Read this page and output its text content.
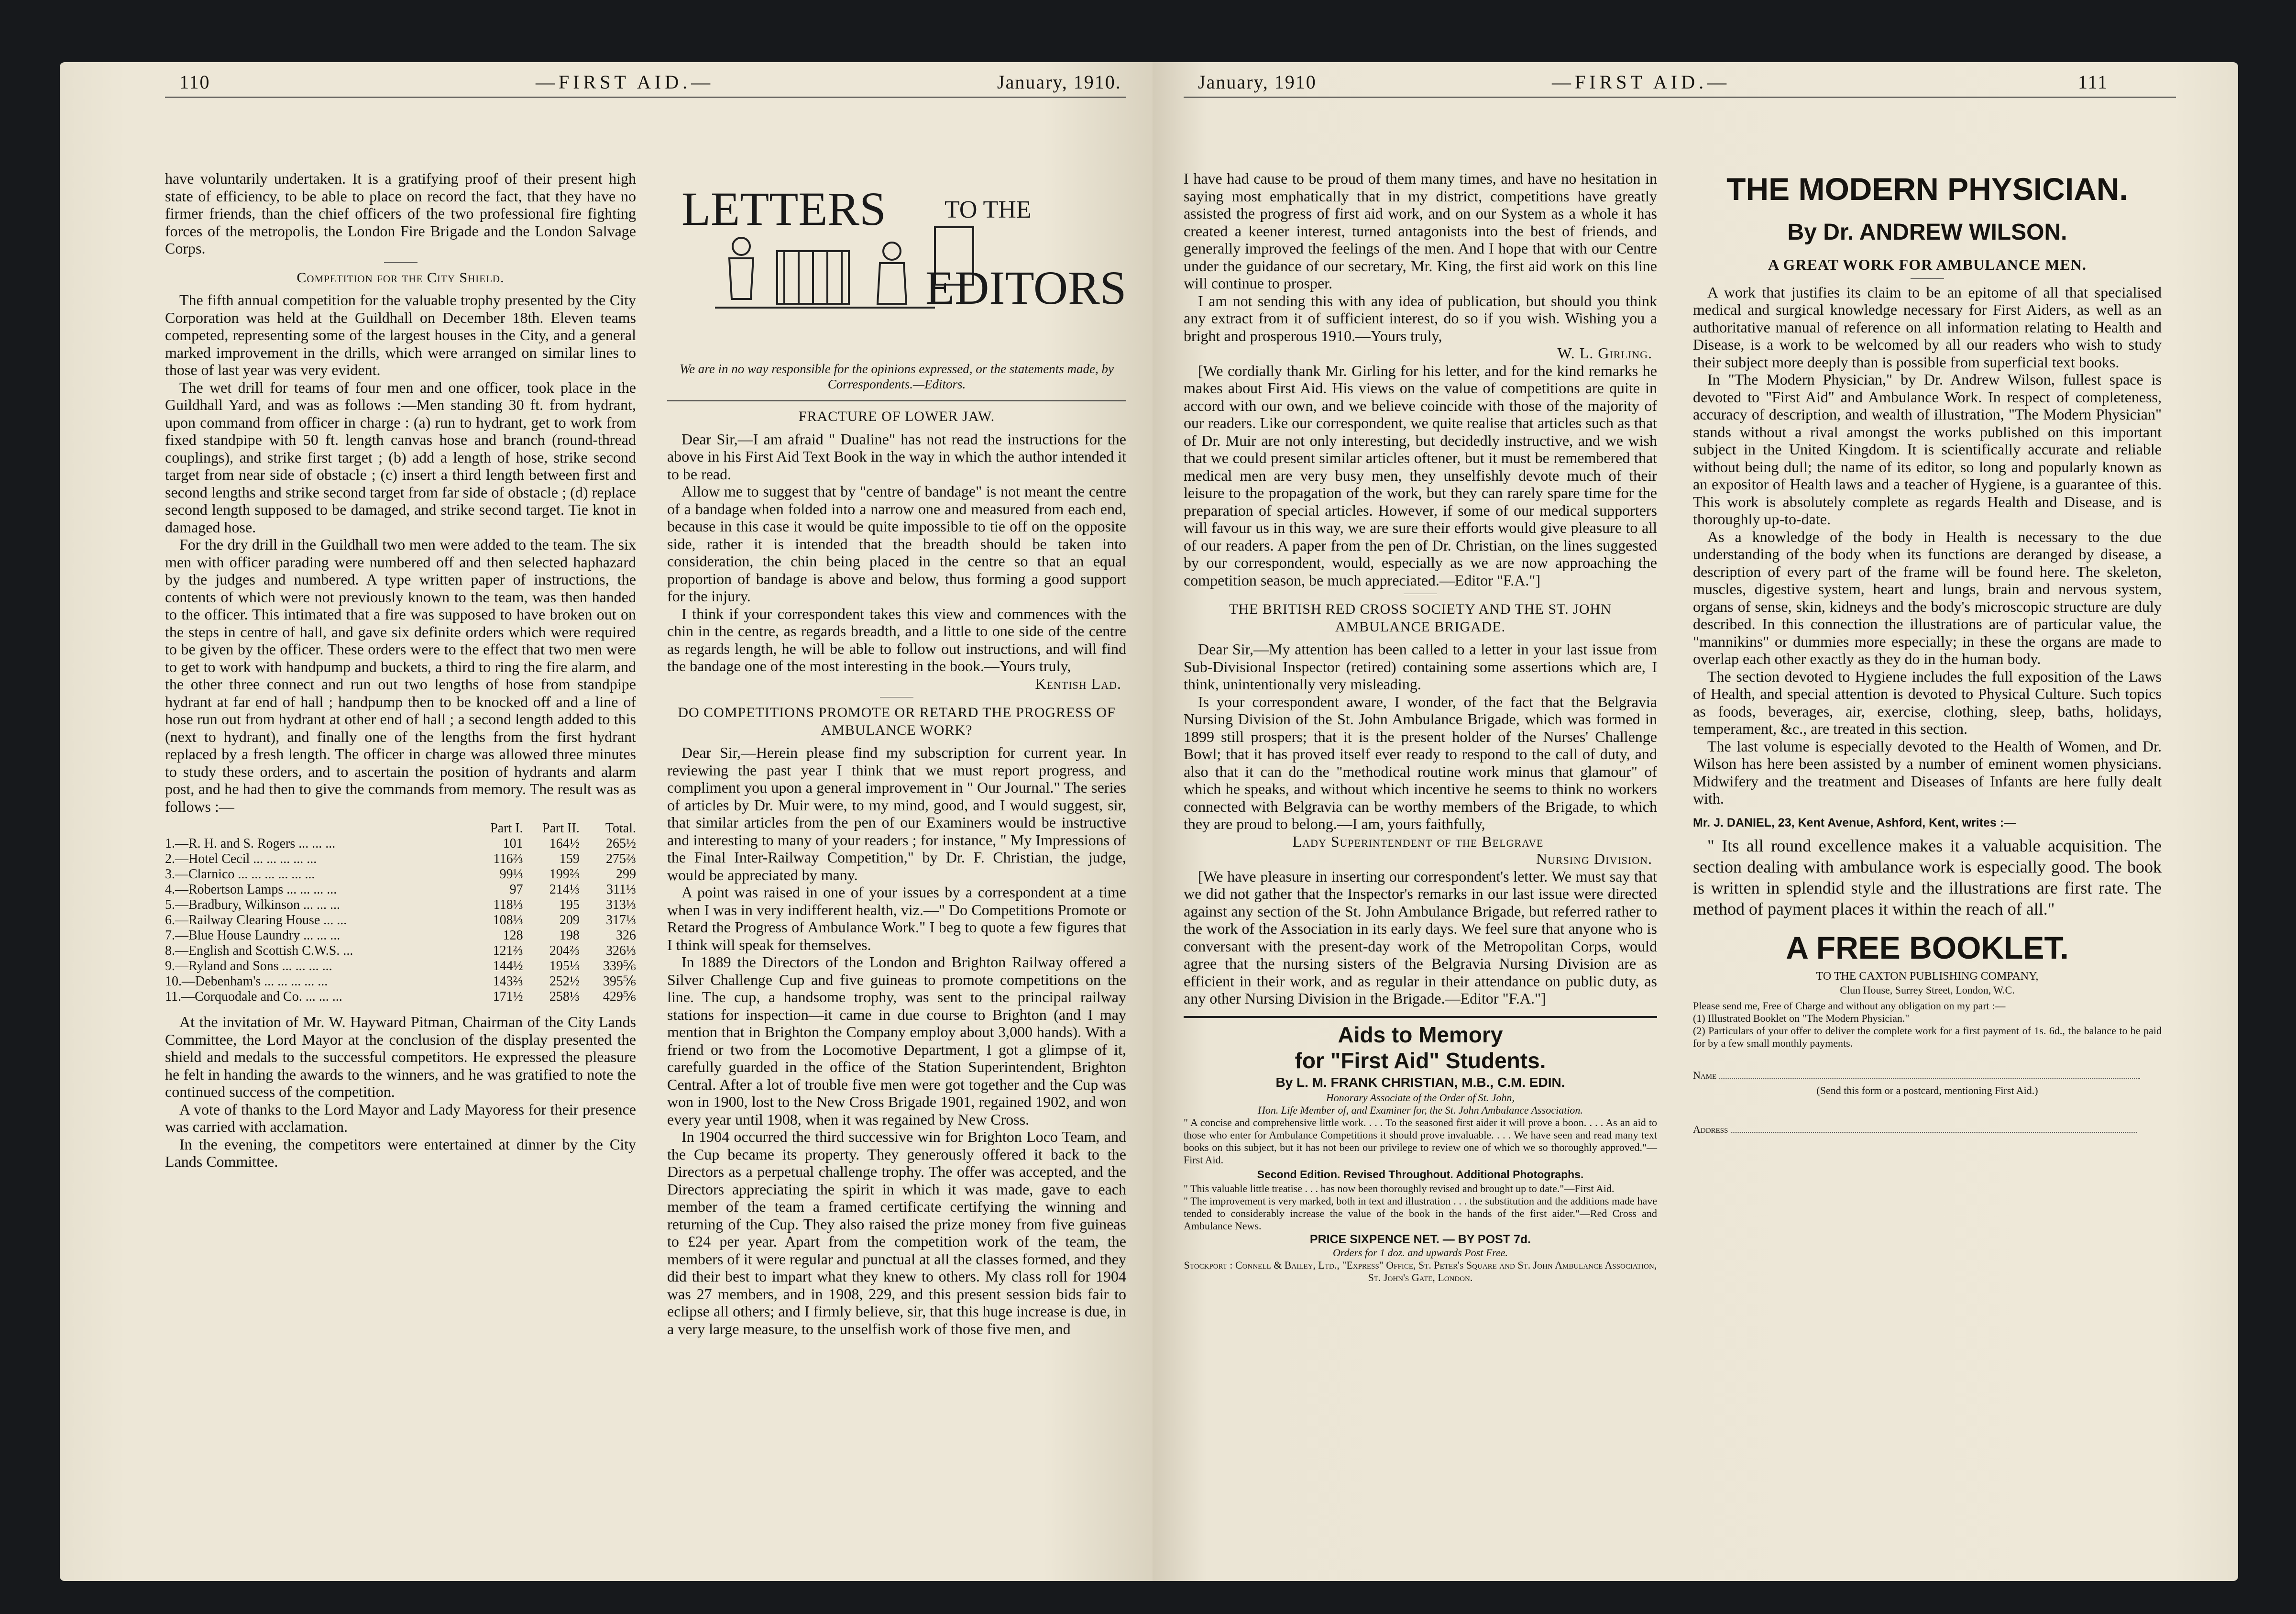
110	—FIRST AID.—	January, 1910.

have voluntarily undertaken. It is a gratifying proof of their present high state of efficiency, to be able to place on record the fact, that they have no firmer friends, than the chief officers of the two professional fire fighting forces of the metropolis, the London Fire Brigade and the London Salvage Corps.

Competition for the City Shield.

The fifth annual competition for the valuable trophy presented by the City Corporation was held at the Guildhall on December 18th. Eleven teams competed, representing some of the largest houses in the City, and a general marked improvement in the drills, which were arranged on similar lines to those of last year was very evident.

The wet drill for teams of four men and one officer, took place in the Guildhall Yard, and was as follows :—Men standing 30 ft. from hydrant, upon command from officer in charge : (a) run to hydrant, get to work from fixed standpipe with 50 ft. length canvas hose and branch (round-thread couplings), and strike first target ; (b) add a length of hose, strike second target from near side of obstacle ; (c) insert a third length between first and second lengths and strike second target from far side of obstacle ; (d) replace second length supposed to be damaged, and strike second target. Tie knot in damaged hose.

For the dry drill in the Guildhall two men were added to the team. The six men with officer parading were numbered off and then selected haphazard by the judges and numbered. A type written paper of instructions, the contents of which were not previously known to the team, was then handed to the officer. This intimated that a fire was supposed to have broken out on the steps in centre of hall, and gave six definite orders which were required to be given by the officer. These orders were to the effect that two men were to get to work with handpump and buckets, a third to ring the fire alarm, and the other three connect and run out two lengths of hose from standpipe hydrant at far end of hall ; handpump then to be knocked off and a line of hose run out from hydrant at other end of hall ; a second length added to this (next to hydrant), and finally one of the lengths from the first hydrant replaced by a fresh length. The officer in charge was allowed three minutes to study these orders, and to ascertain the position of hydrants and alarm post, and he had then to give the commands from memory. The result was as follows :—

	Part I.	Part II.	Total.
1.—R. H. and S. Rogers ... ... ...	101	164½	265½
2.—Hotel Cecil ... ... ... ... ...	116⅔	159	275⅔
3.—Clarnico ... ... ... ... ... ...	99⅓	199⅔	299
4.—Robertson Lamps ... ... ... ...	97	214⅓	311⅓
5.—Bradbury, Wilkinson ... ... ...	118⅓	195	313⅓
6.—Railway Clearing House ... ...	108⅓	209	317⅓
7.—Blue House Laundry ... ... ...	128	198	326
8.—English and Scottish C.W.S. ...	121⅔	204⅔	326⅓
9.—Ryland and Sons ... ... ... ...	144½	195⅓	339⅚
10.—Debenham's ... ... ... ... ...	143⅔	252½	395⅚
11.—Corquodale and Co. ... ... ...	171½	258⅓	429⅚

At the invitation of Mr. W. Hayward Pitman, Chairman of the City Lands Committee, the Lord Mayor at the conclusion of the display presented the shield and medals to the successful competitors. He expressed the pleasure he felt in handing the awards to the winners, and he was gratified to note the continued success of the competition.

A vote of thanks to the Lord Mayor and Lady Mayoress for their presence was carried with acclamation.

In the evening, the competitors were entertained at dinner by the City Lands Committee.

LETTERS TO THE
EDITORS

We are in no way responsible for the opinions expressed, or the statements made, by Correspondents.—Editors.

FRACTURE OF LOWER JAW.

Dear Sir,—I am afraid " Dualine" has not read the instructions for the above in his First Aid Text Book in the way in which the author intended it to be read.

Allow me to suggest that by "centre of bandage" is not meant the centre of a bandage when folded into a narrow one and measured from each end, because in this case it would be quite impossible to tie off on the opposite side, rather it is intended that the breadth should be taken into consideration, the chin being placed in the centre so that an equal proportion of bandage is above and below, thus forming a good support for the injury.

I think if your correspondent takes this view and commences with the chin in the centre, as regards breadth, and a little to one side of the centre as regards length, he will be able to follow out instructions, and will find the bandage one of the most interesting in the book.—Yours truly,

Kentish Lad.
DO COMPETITIONS PROMOTE OR RETARD THE PROGRESS OF AMBULANCE WORK?

Dear Sir,—Herein please find my subscription for current year. In reviewing the past year I think that we must report progress, and compliment you upon a general improvement in " Our Journal." The series of articles by Dr. Muir were, to my mind, good, and I would suggest, sir, that similar articles from the pen of our Examiners would be instructive and interesting to many of your readers ; for instance, " My Impressions of the Final Inter-Railway Competition," by Dr. F. Christian, the judge, would be appreciated by many.

A point was raised in one of your issues by a correspondent at a time when I was in very indifferent health, viz.—" Do Competitions Promote or Retard the Progress of Ambulance Work." I beg to quote a few figures that I think will speak for themselves.

In 1889 the Directors of the London and Brighton Railway offered a Silver Challenge Cup and five guineas to promote competitions on the line. The cup, a handsome trophy, was sent to the principal railway stations for inspection—it came in due course to Brighton (and I may mention that in Brighton the Company employ about 3,000 hands). With a friend or two from the Locomotive Department, I got a glimpse of it, carefully guarded in the office of the Station Superintendent, Brighton Central. After a lot of trouble five men were got together and the Cup was won in 1900, lost to the New Cross Brigade 1901, regained 1902, and won every year until 1908, when it was regained by New Cross.

In 1904 occurred the third successive win for Brighton Loco Team, and the Cup became its property. They generously offered it back to the Directors as a perpetual challenge trophy. The offer was accepted, and the Directors appreciating the spirit in which it was made, gave to each member of the team a framed certificate certifying the winning and returning of the Cup. They also raised the prize money from five guineas to £24 per year. Apart from the competition work of the team, the members of it were regular and punctual at all the classes formed, and they did their best to impart what they knew to others. My class roll for 1904 was 27 members, and in 1908, 229, and this present session bids fair to eclipse all others; and I firmly believe, sir, that this huge increase is due, in a very large measure, to the unselfish work of those five men, and

January, 1910	—FIRST AID.—	111

I have had cause to be proud of them many times, and have no hesitation in saying most emphatically that in my district, competitions have greatly assisted the progress of first aid work, and on our System as a whole it has created a keener interest, turned antagonists into the best of friends, and generally improved the feelings of the men. And I hope that with our Centre under the guidance of our secretary, Mr. King, the first aid work on this line will continue to prosper.

I am not sending this with any idea of publication, but should you think any extract from it of sufficient interest, do so if you wish. Wishing you a bright and prosperous 1910.—Yours truly,

W. L. Girling.

[We cordially thank Mr. Girling for his letter, and for the kind remarks he makes about First Aid. His views on the value of competitions are quite in accord with our own, and we believe coincide with those of the majority of our readers. Like our correspondent, we quite realise that articles such as that of Dr. Muir are not only interesting, but decidedly instructive, and we wish that we could present similar articles oftener, but it must be remembered that medical men are very busy men, they unselfishly devote much of their leisure to the propagation of the work, but they can rarely spare time for the preparation of special articles. However, if some of our medical supporters will favour us in this way, we are sure their efforts would give pleasure to all of our readers. A paper from the pen of Dr. Christian, on the lines suggested by our correspondent, would, especially as we are now approaching the competition season, be much appreciated.—Editor "F.A."]

THE BRITISH RED CROSS SOCIETY AND THE ST. JOHN AMBULANCE BRIGADE.

Dear Sir,—My attention has been called to a letter in your last issue from Sub-Divisional Inspector (retired) containing some assertions which are, I think, unintentionally very misleading.

Is your correspondent aware, I wonder, of the fact that the Belgravia Nursing Division of the St. John Ambulance Brigade, which was formed in 1899 still prospers; that it is the present holder of the Nurses' Challenge Bowl; that it has proved itself ever ready to respond to the call of duty, and also that it can do the "methodical routine work minus that glamour" of which he speaks, and without which incentive he seems to think no workers connected with Belgravia can be worthy members of the Brigade, to which they are proud to belong.—I am, yours faithfully,

Lady Superintendent of the Belgrave
Nursing Division.

[We have pleasure in inserting our correspondent's letter. We must say that we did not gather that the Inspector's remarks in our last issue were directed against any section of the St. John Ambulance Brigade, but referred rather to the work of the Association in its early days. We feel sure that anyone who is conversant with the present-day work of the Metropolitan Corps, would agree that the nursing sisters of the Belgravia Nursing Division are as efficient in their work, and as regular in their attendance on public duty, as any other Nursing Division in the Brigade.—Editor "F.A."]

Aids to Memory
for "First Aid" Students.
By L. M. FRANK CHRISTIAN, M.B., C.M. EDIN.
Honorary Associate of the Order of St. John,
Hon. Life Member of, and Examiner for, the St. John Ambulance Association.
" A concise and comprehensive little work. . . . To the seasoned first aider it will prove a boon. . . . As an aid to those who enter for Ambulance Competitions it should prove invaluable. . . . We have seen and read many text books on this subject, but it has not been our privilege to review one of which we so thoroughly approved."—First Aid.
Second Edition. Revised Throughout. Additional Photographs.
" This valuable little treatise . . . has now been thoroughly revised and brought up to date."—First Aid.
" The improvement is very marked, both in text and illustration . . . the substitution and the additions made have tended to considerably increase the value of the book in the hands of the first aider."—Red Cross and Ambulance News.
PRICE SIXPENCE NET. — BY POST 7d.
Orders for 1 doz. and upwards Post Free.
Stockport : Connell & Bailey, Ltd., "Express" Office, St. Peter's Square and St. John Ambulance Association, St. John's Gate, London.
THE MODERN PHYSICIAN.
By Dr. ANDREW WILSON.
A GREAT WORK FOR AMBULANCE MEN.

A work that justifies its claim to be an epitome of all that specialised medical and surgical knowledge necessary for First Aiders, as well as an authoritative manual of reference on all information relating to Health and Disease, is a work to be welcomed by all our readers who wish to study their subject more deeply than is possible from superficial text books.

In "The Modern Physician," by Dr. Andrew Wilson, fullest space is devoted to "First Aid" and Ambulance Work. In respect of completeness, accuracy of description, and wealth of illustration, "The Modern Physician" stands without a rival amongst the works published on this important subject in the United Kingdom. It is scientifically accurate and reliable without being dull; the name of its editor, so long and popularly known as an expositor of Health laws and a teacher of Hygiene, is a guarantee of this. This work is absolutely complete as regards Health and Disease, and is thoroughly up-to-date.

As a knowledge of the body in Health is necessary to the due understanding of the body when its functions are deranged by disease, a description of every part of the frame will be found here. The skeleton, muscles, digestive system, heart and lungs, brain and nervous system, organs of sense, skin, kidneys and the body's microscopic structure are duly described. In this connection the illustrations are of particular value, the "mannikins" or dummies more especially; in these the organs are made to overlap each other exactly as they do in the human body.

The section devoted to Hygiene includes the full exposition of the Laws of Health, and special attention is devoted to Physical Culture. Such topics as foods, beverages, air, exercise, clothing, sleep, baths, holidays, temperament, &c., are treated in this section.

The last volume is especially devoted to the Health of Women, and Dr. Wilson has here been assisted by a number of eminent women physicians. Midwifery and the treatment and Diseases of Infants are here fully dealt with.

Mr. J. DANIEL, 23, Kent Avenue, Ashford, Kent, writes :—

" Its all round excellence makes it a valuable acquisition. The section dealing with ambulance work is especially good. The book is written in splendid style and the illustrations are first rate. The method of payment places it within the reach of all."

A FREE BOOKLET.
TO THE CAXTON PUBLISHING COMPANY,
Clun House, Surrey Street, London, W.C.
Please send me, Free of Charge and without any obligation on my part :—
(1) Illustrated Booklet on "The Modern Physician."
(2) Particulars of your offer to deliver the complete work for a first payment of 1s. 6d., the balance to be paid for by a few small monthly payments.
Name
(Send this form or a postcard, mentioning First Aid.)
Address
